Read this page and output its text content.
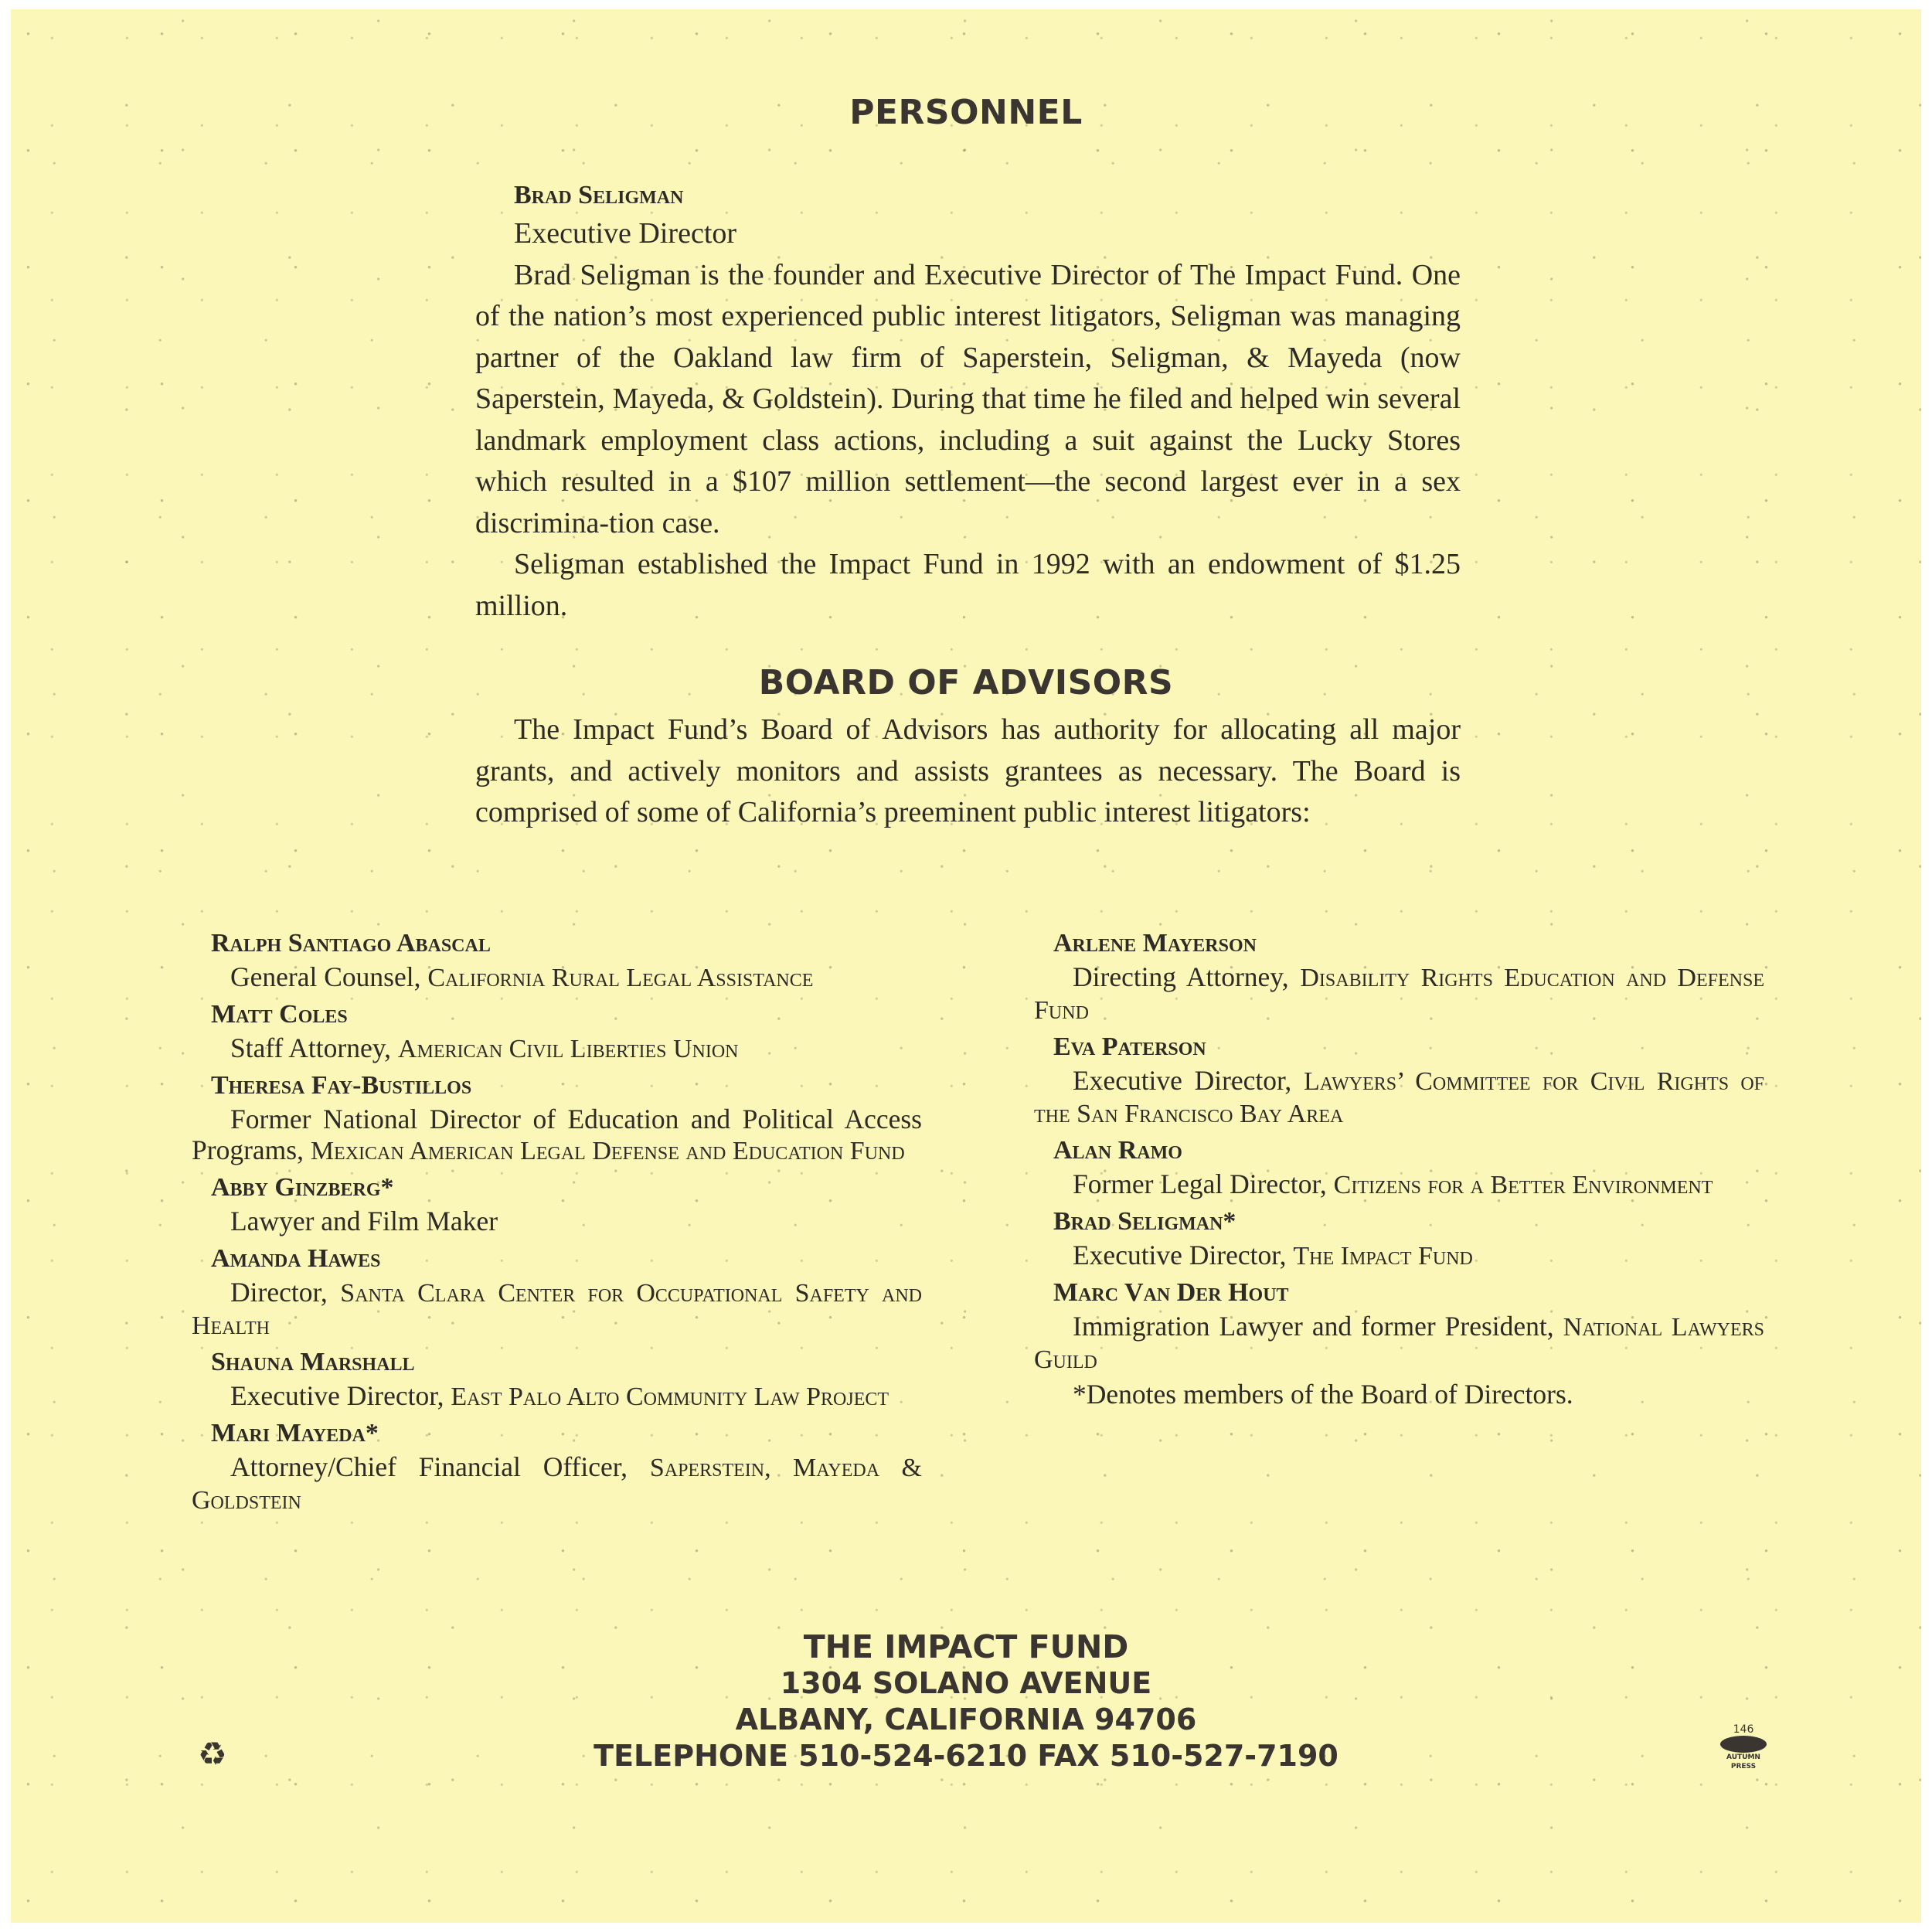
PERSONNEL
Brad Seligman
Executive Director

Brad Seligman is the founder and Executive Director of The Impact Fund. One of the nation’s most experienced public interest litigators, Seligman was managing partner of the Oakland law firm of Saperstein, Seligman, & Mayeda (now Saperstein, Mayeda, & Goldstein). During that time he filed and helped win several landmark employment class actions, including a suit against the Lucky Stores which resulted in a $107 million settlement—the second largest ever in a sex discrimina-tion case.

Seligman established the Impact Fund in 1992 with an endowment of $1.25 million.

BOARD OF ADVISORS

The Impact Fund’s Board of Advisors has authority for allocating all major grants, and actively monitors and assists grantees as necessary. The Board is comprised of some of California’s preeminent public interest litigators:

Ralph Santiago Abascal
General Counsel, California Rural Legal Assistance
Matt Coles
Staff Attorney, American Civil Liberties Union
Theresa Fay-Bustillos
Former National Director of Education and Political Access Programs, Mexican American Legal Defense and Education Fund
Abby Ginzberg*
Lawyer and Film Maker
Amanda Hawes
Director, Santa Clara Center for Occupational Safety and Health
Shauna Marshall
Executive Director, East Palo Alto Community Law Project
Mari Mayeda*
Attorney/Chief Financial Officer, Saperstein, Mayeda & Goldstein
Arlene Mayerson
Directing Attorney, Disability Rights Education and Defense Fund
Eva Paterson
Executive Director, Lawyers’ Committee for Civil Rights of the San Francisco Bay Area
Alan Ramo
Former Legal Director, Citizens for a Better Environment
Brad Seligman*
Executive Director, The Impact Fund
Marc Van Der Hout
Immigration Lawyer and former President, National Lawyers Guild
*Denotes members of the Board of Directors.
THE IMPACT FUND
1304 SOLANO AVENUE
ALBANY, CALIFORNIA 94706
TELEPHONE 510-524-6210 FAX 510-527-7190
♻
146
AUTUMN PRESS
